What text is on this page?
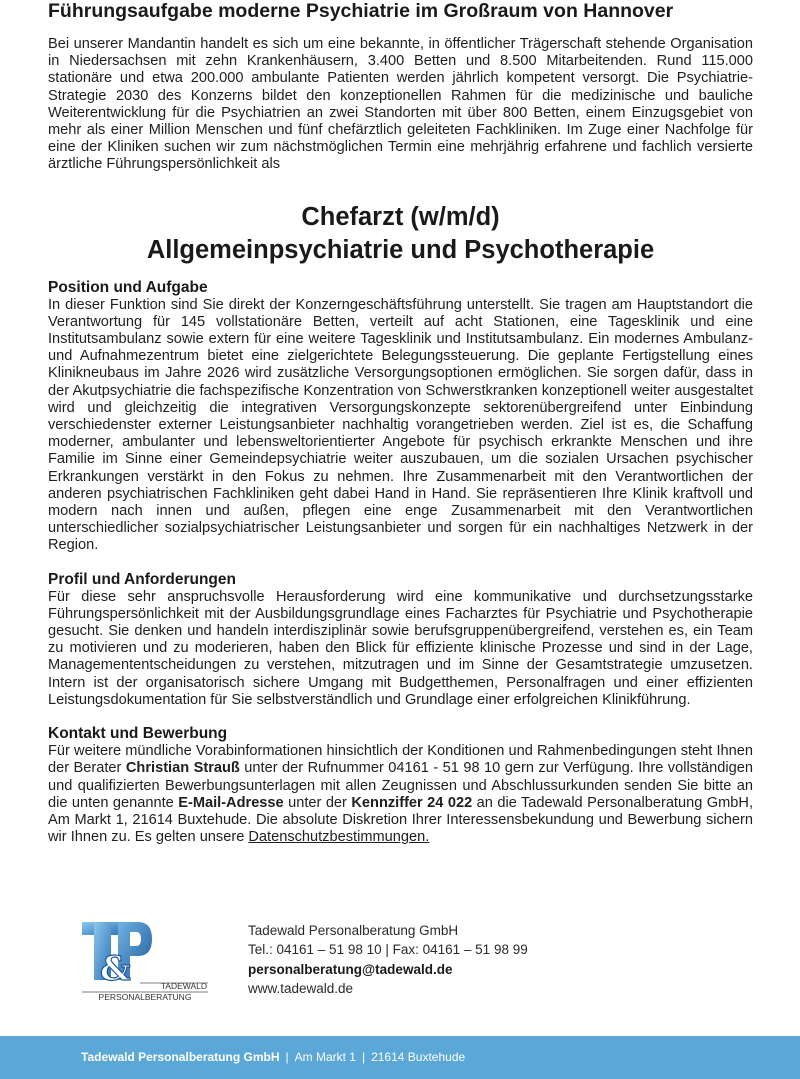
Führungsaufgabe moderne Psychiatrie im Großraum von Hannover

Bei unserer Mandantin handelt es sich um eine bekannte, in öffentlicher Trägerschaft stehende Organisation in Niedersachsen mit zehn Krankenhäusern, 3.400 Betten und 8.500 Mitarbeitenden. Rund 115.000 stationäre und etwa 200.000 ambulante Patienten werden jährlich kompetent versorgt. Die Psychiatrie-Strategie 2030 des Konzerns bildet den konzeptionellen Rahmen für die medizinische und bauliche Weiterentwicklung für die Psychiatrien an zwei Standorten mit über 800 Betten, einem Einzugsgebiet von mehr als einer Million Menschen und fünf chefärztlich geleiteten Fachkliniken. Im Zuge einer Nachfolge für eine der Kliniken suchen wir zum nächstmöglichen Termin eine mehrjährig erfahrene und fachlich versierte ärztliche Führungspersönlichkeit als

Chefarzt (w/m/d)
Allgemeinpsychiatrie und Psychotherapie
Position und Aufgabe

In dieser Funktion sind Sie direkt der Konzerngeschäftsführung unterstellt. Sie tragen am Hauptstandort die Verantwortung für 145 vollstationäre Betten, verteilt auf acht Stationen, eine Tagesklinik und eine Institutsambulanz sowie extern für eine weitere Tagesklinik und Institutsambulanz. Ein modernes Ambulanz- und Aufnahmezentrum bietet eine zielgerichtete Belegungssteuerung. Die geplante Fertigstellung eines Klinikneubaus im Jahre 2026 wird zusätzliche Versorgungsoptionen ermöglichen. Sie sorgen dafür, dass in der Akutpsychiatrie die fachspezifische Konzentration von Schwerstkranken konzeptionell weiter ausgestaltet wird und gleichzeitig die integrativen Versorgungskonzepte sektorenübergreifend unter Einbindung verschiedenster externer Leistungsanbieter nachhaltig vorangetrieben werden. Ziel ist es, die Schaffung moderner, ambulanter und lebensweltorientierter Angebote für psychisch erkrankte Menschen und ihre Familie im Sinne einer Gemeindepsychiatrie weiter auszubauen, um die sozialen Ursachen psychischer Erkrankungen verstärkt in den Fokus zu nehmen. Ihre Zusammenarbeit mit den Verantwortlichen der anderen psychiatrischen Fachkliniken geht dabei Hand in Hand. Sie repräsentieren Ihre Klinik kraftvoll und modern nach innen und außen, pflegen eine enge Zusammenarbeit mit den Verantwortlichen unterschiedlicher sozialpsychiatrischer Leistungsanbieter und sorgen für ein nachhaltiges Netzwerk in der Region.

Profil und Anforderungen

Für diese sehr anspruchsvolle Herausforderung wird eine kommunikative und durchsetzungsstarke Führungspersönlichkeit mit der Ausbildungsgrundlage eines Facharztes für Psychiatrie und Psychotherapie gesucht. Sie denken und handeln interdisziplinär sowie berufsgruppenübergreifend, verstehen es, ein Team zu motivieren und zu moderieren, haben den Blick für effiziente klinische Prozesse und sind in der Lage, Managemententscheidungen zu verstehen, mitzutragen und im Sinne der Gesamtstrategie umzusetzen. Intern ist der organisatorisch sichere Umgang mit Budgetthemen, Personalfragen und einer effizienten Leistungsdokumentation für Sie selbstverständlich und Grundlage einer erfolgreichen Klinikführung.

Kontakt und Bewerbung

Für weitere mündliche Vorabinformationen hinsichtlich der Konditionen und Rahmenbedingungen steht Ihnen der Berater Christian Strauß unter der Rufnummer 04161 - 51 98 10 gern zur Verfügung. Ihre vollständigen und qualifizierten Bewerbungsunterlagen mit allen Zeugnissen und Abschlussurkunden senden Sie bitte an die unten genannte E-Mail-Adresse unter der Kennziffer 24 022 an die Tadewald Personalberatung GmbH, Am Markt 1, 21614 Buxtehude. Die absolute Diskretion Ihrer Interessensbekundung und Bewerbung sichern wir Ihnen zu. Es gelten unsere Datenschutzbestimmungen.

&	TADEWALD
PERSONALBERATUNG
Tadewald Personalberatung GmbH
Tel.: 04161 – 51 98 10 | Fax: 04161 – 51 98 99
personalberatung@tadewald.de
www.tadewald.de
Tadewald Personalberatung GmbH | Am Markt 1 | 21614 Buxtehude
